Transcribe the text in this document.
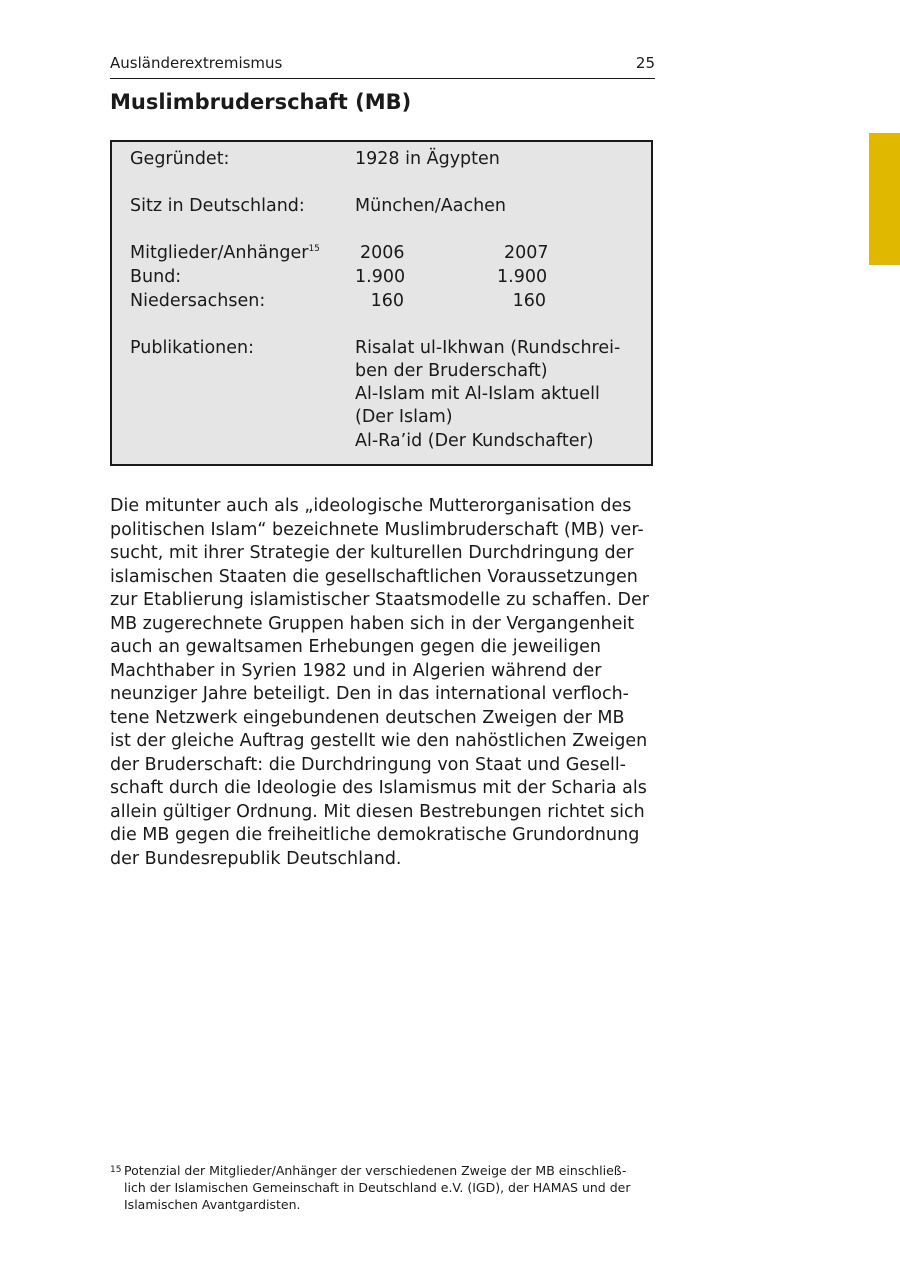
Ausländerextremismus	25
Muslimbruderschaft (MB)
Gegründet:	1928 in Ägypten
Sitz in Deutschland:	München/Aachen
Mitglieder/Anhänger$^{15}$ 2006	2007
Bund:	1.900	1.900
Niedersachsen:	160	160
Publikationen:	Risalat ul-Ikhwan (Rundschrei-
ben der Bruderschaft)
Al-Islam mit Al-Islam aktuell
(Der Islam)
Al-Ra’id (Der Kundschafter)

Die mitunter auch als „ideologische Mutterorganisation des
politischen Islam“ bezeichnete Muslimbruderschaft (MB) ver-
sucht, mit ihrer Strategie der kulturellen Durchdringung der
islamischen Staaten die gesellschaftlichen Voraussetzungen
zur Etablierung islamistischer Staatsmodelle zu schaffen. Der
MB zugerechnete Gruppen haben sich in der Vergangenheit
auch an gewaltsamen Erhebungen gegen die jeweiligen
Machthaber in Syrien 1982 und in Algerien während der
neunziger Jahre beteiligt. Den in das international verfloch-
tene Netzwerk eingebundenen deutschen Zweigen der MB
ist der gleiche Auftrag gestellt wie den nahöstlichen Zweigen
der Bruderschaft: die Durchdringung von Staat und Gesell-
schaft durch die Ideologie des Islamismus mit der Scharia als
allein gültiger Ordnung. Mit diesen Bestrebungen richtet sich
die MB gegen die freiheitliche demokratische Grundordnung
der Bundesrepublik Deutschland.

15 Potenzial der Mitglieder/Anhänger der verschiedenen Zweige der MB einschließ-
lich der Islamischen Gemeinschaft in Deutschland e.V. (IGD), der HAMAS und der
Islamischen Avantgardisten.
